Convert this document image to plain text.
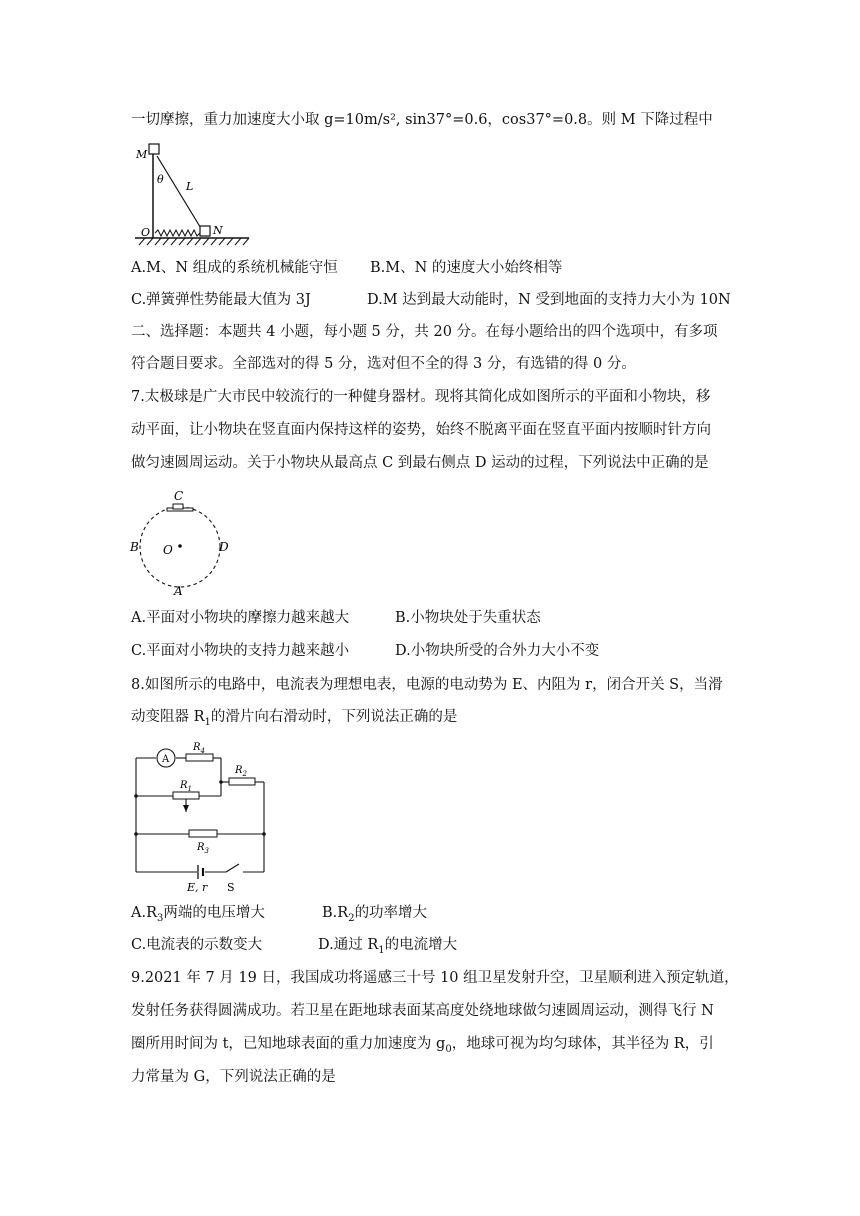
一切摩擦，重力加速度大小取 g=10m/s², sin37°=0.6，cos37°=0.8。则 M 下降过程中
M
θ
L
O	N
A.M、N 组成的系统机械能守恒 B.M、N 的速度大小始终相等
C.弹簧弹性势能最大值为 3J	D.M 达到最大动能时，N 受到地面的支持力大小为 10N
二、选择题：本题共 4 小题，每小题 5 分，共 20 分。在每小题给出的四个选项中，有多项
符合题目要求。全部选对的得 5 分，选对但不全的得 3 分，有选错的得 0 分。
7.太极球是广大市民中较流行的一种健身器材。现将其简化成如图所示的平面和小物块，移
动平面，让小物块在竖直面内保持这样的姿势，始终不脱离平面在竖直平面内按顺时针方向
做匀速圆周运动。关于小物块从最高点 C 到最右侧点 D 运动的过程，下列说法中正确的是
C
B O	D
A
A.平面对小物块的摩擦力越来越大	B.小物块处于失重状态
C.平面对小物块的支持力越来越小	D.小物块所受的合外力大小不变
8.如图所示的电路中，电流表为理想电表，电源的电动势为 E、内阻为 r，闭合开关 S，当滑
动变阻器 $R_1$的滑片向右滑动时，下列说法正确的是
A
$R_4$
$R_1$
$R_2$
$R_3$
E, r S
$A.R_3$两端的电压增大	$B.R_2$的功率增大
C.电流表的示数变大	D.通过 $R_1$的电流增大
9.2021 年 7 月 19 日，我国成功将遥感三十号 10 组卫星发射升空，卫星顺利进入预定轨道，
发射任务获得圆满成功。若卫星在距地球表面某高度处绕地球做匀速圆周运动，测得飞行 N
圈所用时间为 t，已知地球表面的重力加速度为 $g_0$，地球可视为均匀球体，其半径为 R，引
力常量为 G，下列说法正确的是
